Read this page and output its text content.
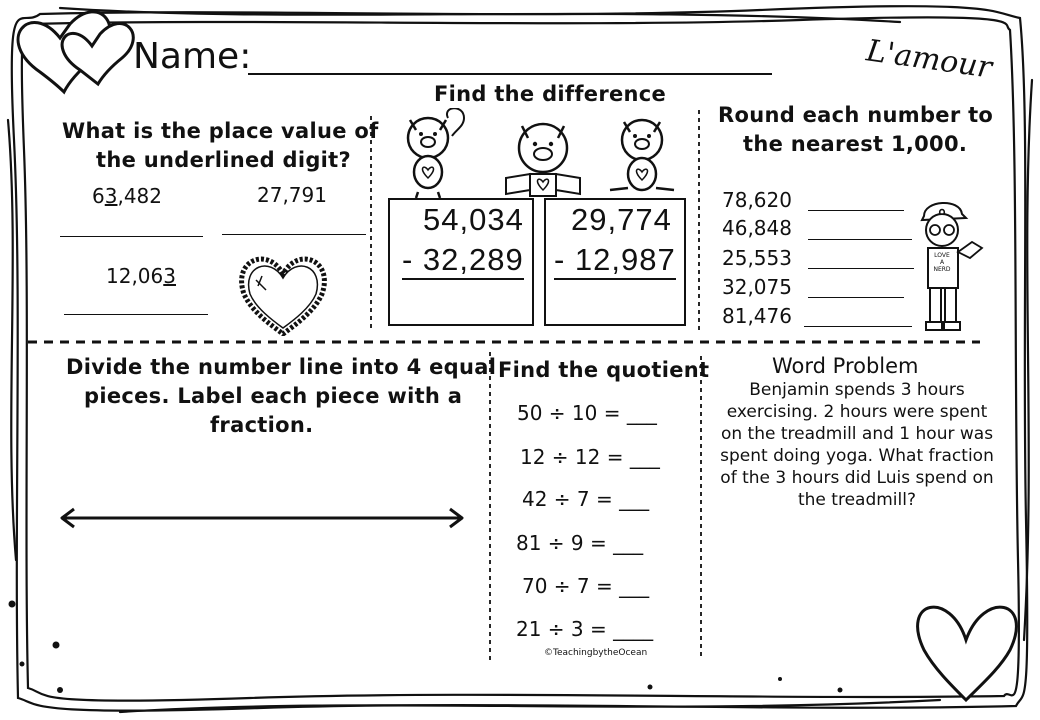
Name:	L'amour
What is the place value of
the underlined digit?
63,482	27,791
12,063
Find the difference
54,034
- 32,289
29,774
- 12,987
Round each number to
the nearest 1,000.
78,620
46,848
25,553
32,075
81,476
LOVE A NERD
Divide the number line into 4 equal
pieces. Label each piece with a
fraction.
Find the quotient
50 ÷ 10 = ___
12 ÷ 12 = ___
42 ÷ 7 = ___
81 ÷ 9 = ___
70 ÷ 7 = ___
21 ÷ 3 = ____
©TeachingbytheOcean
Word Problem
Benjamin spends 3 hours
exercising. 2 hours were spent
on the treadmill and 1 hour was
spent doing yoga. What fraction
of the 3 hours did Luis spend on
the treadmill?
